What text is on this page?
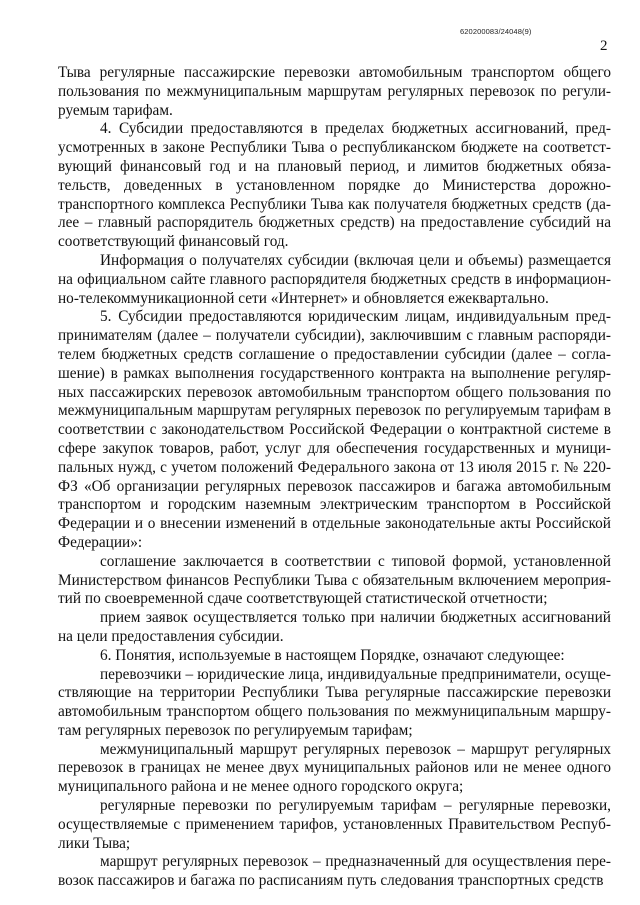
620200083/24048(9)
2

Тыва регулярные пассажирские перевозки автомобильным транспортом общего пользования по межмуниципальным маршрутам регулярных перевозок по регулируемым тарифам.

4. Субсидии предоставляются в пределах бюджетных ассигнований, предусмотренных в законе Республики Тыва о республиканском бюджете на соответствующий финансовый год и на плановый период, и лимитов бюджетных обязательств, доведенных в установленном порядке до Министерства дорожно-транспортного комплекса Республики Тыва как получателя бюджетных средств (далее – главный распорядитель бюджетных средств) на предоставление субсидий на соответствующий финансовый год.

Информация о получателях субсидии (включая цели и объемы) размещается на официальном сайте главного распорядителя бюджетных средств в информационно-телекоммуникационной сети «Интернет» и обновляется ежеквартально.

5. Субсидии предоставляются юридическим лицам, индивидуальным предпринимателям (далее – получатели субсидии), заключившим с главным распорядителем бюджетных средств соглашение о предоставлении субсидии (далее – соглашение) в рамках выполнения государственного контракта на выполнение регулярных пассажирских перевозок автомобильным транспортом общего пользования по межмуниципальным маршрутам регулярных перевозок по регулируемым тарифам в соответствии с законодательством Российской Федерации о контрактной системе в сфере закупок товаров, работ, услуг для обеспечения государственных и муниципальных нужд, с учетом положений Федерального закона от 13 июля 2015 г. № 220-ФЗ «Об организации регулярных перевозок пассажиров и багажа автомобильным транспортом и городским наземным электрическим транспортом в Российской Федерации и о внесении изменений в отдельные законодательные акты Российской Федерации»:

соглашение заключается в соответствии с типовой формой, установленной Министерством финансов Республики Тыва с обязательным включением мероприятий по своевременной сдаче соответствующей статистической отчетности;

прием заявок осуществляется только при наличии бюджетных ассигнований на цели предоставления субсидии.

6. Понятия, используемые в настоящем Порядке, означают следующее:

перевозчики – юридические лица, индивидуальные предприниматели, осуществляющие на территории Республики Тыва регулярные пассажирские перевозки автомобильным транспортом общего пользования по межмуниципальным маршрутам регулярных перевозок по регулируемым тарифам;

межмуниципальный маршрут регулярных перевозок – маршрут регулярных перевозок в границах не менее двух муниципальных районов или не менее одного муниципального района и не менее одного городского округа;

регулярные перевозки по регулируемым тарифам – регулярные перевозки, осуществляемые с применением тарифов, установленных Правительством Республики Тыва;

маршрут регулярных перевозок – предназначенный для осуществления перевозок пассажиров и багажа по расписаниям путь следования транспортных средств
